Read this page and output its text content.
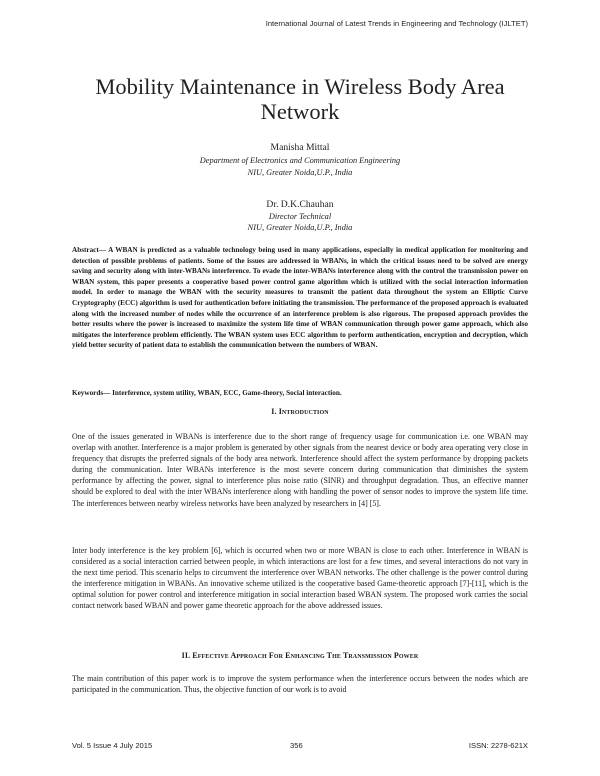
International Journal of Latest Trends in Engineering and Technology (IJLTET)
Mobility Maintenance in Wireless Body Area
Network
Manisha Mittal
Department of Electronics and Communication Engineering
NIU, Greater Noida,U.P., India
Dr. D.K.Chauhan
Director Technical
NIU, Greater Noida,U.P., India

Abstract— A WBAN is predicted as a valuable technology being used in many applications, especially in medical application for monitoring and detection of possible problems of patients. Some of the issues are addressed in WBANs, in which the critical issues need to be solved are energy saving and security along with inter-WBANs interference. To evade the inter-WBANs interference along with the control the transmission power on WBAN system, this paper presents a cooperative based power control game algorithm which is utilized with the social interaction information model. In order to manage the WBAN with the security measures to transmit the patient data throughout the system an Elliptic Curve Cryptography (ECC) algorithm is used for authentication before initiating the transmission. The performance of the proposed approach is evaluated along with the increased number of nodes while the occurrence of an interference problem is also rigorous. The proposed approach provides the better results where the power is increased to maximize the system life time of WBAN communication through power game approach, which also mitigates the interference problem efficiently. The WBAN system uses ECC algorithm to perform authentication, encryption and decryption, which yield better security of patient data to establish the communication between the numbers of WBAN.

Keywords— Interference, system utility, WBAN, ECC, Game-theory, Social interaction.

I. Introduction

One of the issues generated in WBANs is interference due to the short range of frequency usage for communication i.e. one WBAN may overlap with another. Interference is a major problem is generated by other signals from the nearest device or body area operating very close in frequency that disrupts the preferred signals of the body area network. Interference should affect the system performance by dropping packets during the communication. Inter WBANs interference is the most severe concern during communication that diminishes the system performance by affecting the power, signal to interference plus noise ratio (SINR) and throughput degradation. Thus, an effective manner should be explored to deal with the inter WBANs interference along with handling the power of sensor nodes to improve the system life time. The interferences between nearby wireless networks have been analyzed by researchers in [4] [5].

Inter body interference is the key problem [6], which is occurred when two or more WBAN is close to each other. Interference in WBAN is considered as a social interaction carried between people, in which interactions are lost for a few times, and several interactions do not vary in the next time period. This scenario helps to circumvent the interference over WBAN networks. The other challenge is the power control during the interference mitigation in WBANs. An innovative scheme utilized is the cooperative based Game-theoretic approach [7]-[11], which is the optimal solution for power control and interference mitigation in social interaction based WBAN system. The proposed work carries the social contact network based WBAN and power game theoretic approach for the above addressed issues.

II. Effective Approach For Enhancing The Transmission Power

The main contribution of this paper work is to improve the system performance when the interference occurs between the nodes which are participated in the communication. Thus, the objective function of our work is to avoid

Vol. 5 Issue 4 July 2015	356	ISSN: 2278-621X
